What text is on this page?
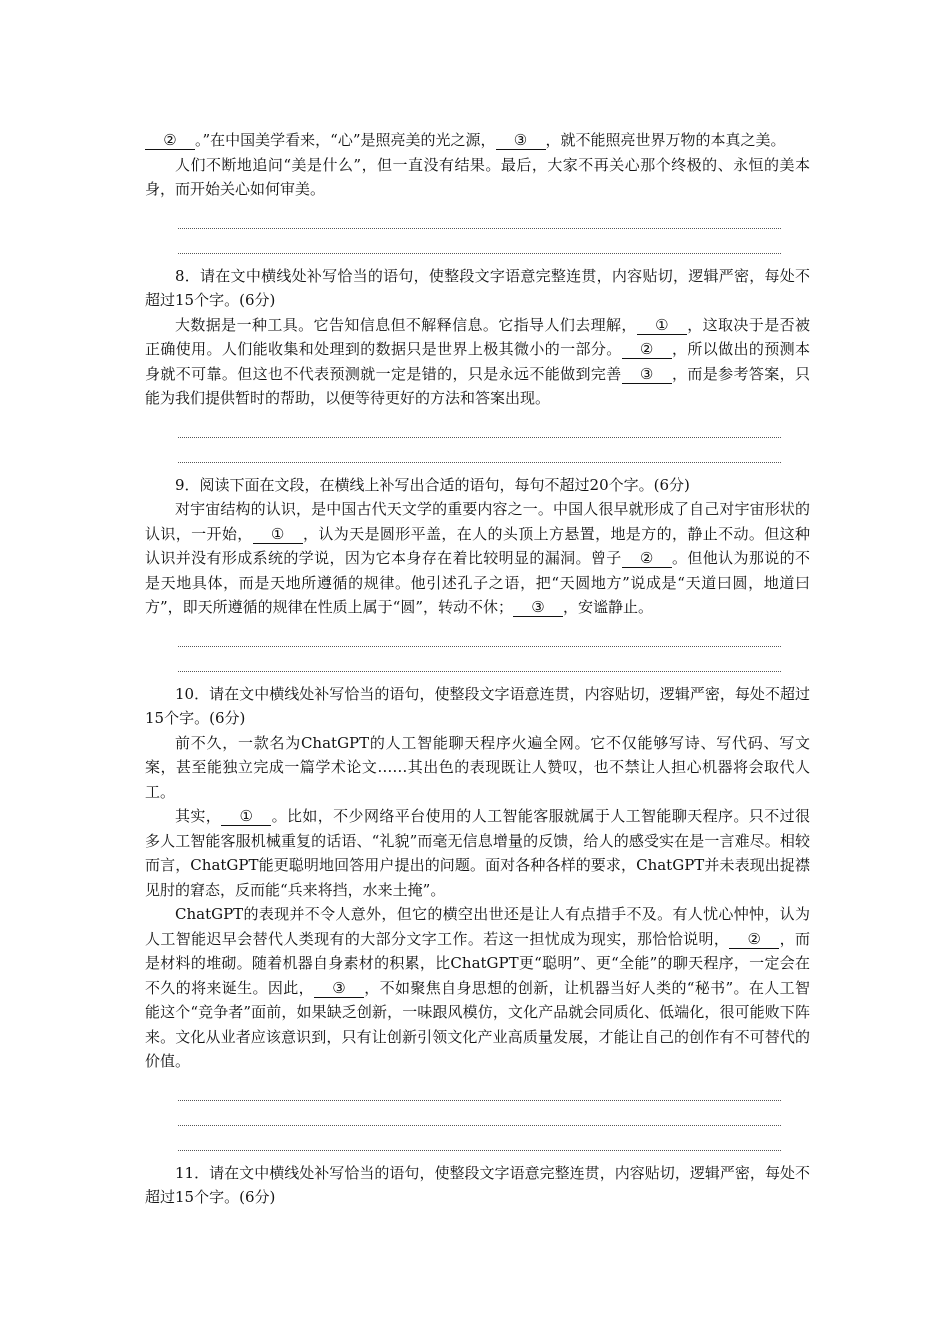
② 。”在中国美学看来，“心”是照亮美的光之源， ③ ，就不能照亮世界万物的本真之美。

人们不断地追问“美是什么”，但一直没有结果。最后，大家不再关心那个终极的、永恒的美本身，而开始关心如何审美。

8．请在文中横线处补写恰当的语句，使整段文字语意完整连贯，内容贴切，逻辑严密，每处不超过15个字。(6分)

大数据是一种工具。它告知信息但不解释信息。它指导人们去理解， ① ，这取决于是否被正确使用。人们能收集和处理到的数据只是世界上极其微小的一部分。 ② ，所以做出的预测本身就不可靠。但这也不代表预测就一定是错的，只是永远不能做到完善 ③ ，而是参考答案，只能为我们提供暂时的帮助，以便等待更好的方法和答案出现。

9．阅读下面在文段，在横线上补写出合适的语句，每句不超过20个字。(6分)

对宇宙结构的认识，是中国古代天文学的重要内容之一。中国人很早就形成了自己对宇宙形状的认识，一开始， ① ，认为天是圆形平盖，在人的头顶上方悬置，地是方的，静止不动。但这种认识并没有形成系统的学说，因为它本身存在着比较明显的漏洞。曾子 ② 。但他认为那说的不是天地具体，而是天地所遵循的规律。他引述孔子之语，把“天圆地方”说成是“天道曰圆，地道曰方”，即天所遵循的规律在性质上属于“圆”，转动不休； ③ ，安谧静止。

10．请在文中横线处补写恰当的语句，使整段文字语意连贯，内容贴切，逻辑严密，每处不超过15个字。(6分)

前不久，一款名为ChatGPT的人工智能聊天程序火遍全网。它不仅能够写诗、写代码、写文案，甚至能独立完成一篇学术论文……其出色的表现既让人赞叹，也不禁让人担心机器将会取代人工。

其实， ① 。比如，不少网络平台使用的人工智能客服就属于人工智能聊天程序。只不过很多人工智能客服机械重复的话语、“礼貌”而毫无信息增量的反馈，给人的感受实在是一言难尽。相较而言，ChatGPT能更聪明地回答用户提出的问题。面对各种各样的要求，ChatGPT并未表现出捉襟见肘的窘态，反而能“兵来将挡，水来土掩”。

ChatGPT的表现并不令人意外，但它的横空出世还是让人有点措手不及。有人忧心忡忡，认为人工智能迟早会替代人类现有的大部分文字工作。若这一担忧成为现实，那恰恰说明， ② ，而是材料的堆砌。随着机器自身素材的积累，比ChatGPT更“聪明”、更“全能”的聊天程序，一定会在不久的将来诞生。因此， ③ ，不如聚焦自身思想的创新，让机器当好人类的“秘书”。在人工智能这个“竞争者”面前，如果缺乏创新，一味跟风模仿，文化产品就会同质化、低端化，很可能败下阵来。文化从业者应该意识到，只有让创新引领文化产业高质量发展，才能让自己的创作有不可替代的价值。

11．请在文中横线处补写恰当的语句，使整段文字语意完整连贯，内容贴切，逻辑严密，每处不超过15个字。(6分)
